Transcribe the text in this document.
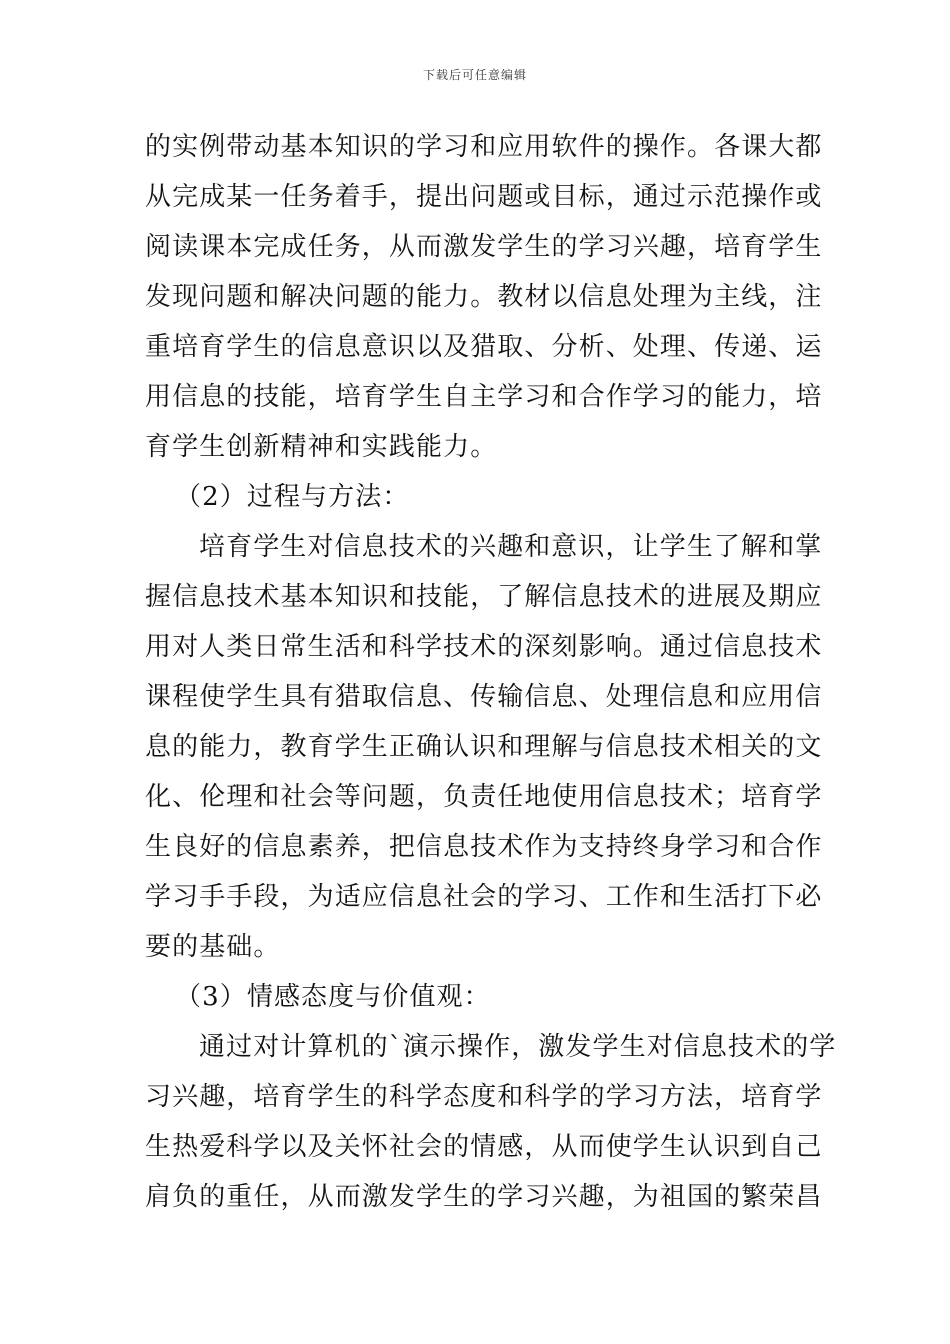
下载后可任意编辑
的实例带动基本知识的学习和应用软件的操作。各课大都
从完成某一任务着手，提出问题或目标，通过示范操作或
阅读课本完成任务，从而激发学生的学习兴趣，培育学生
发现问题和解决问题的能力。教材以信息处理为主线，注
重培育学生的信息意识以及猎取、分析、处理、传递、运
用信息的技能，培育学生自主学习和合作学习的能力，培
育学生创新精神和实践能力。
（2）过程与方法：
培育学生对信息技术的兴趣和意识，让学生了解和掌
握信息技术基本知识和技能，了解信息技术的进展及期应
用对人类日常生活和科学技术的深刻影响。通过信息技术
课程使学生具有猎取信息、传输信息、处理信息和应用信
息的能力，教育学生正确认识和理解与信息技术相关的文
化、伦理和社会等问题，负责任地使用信息技术；培育学
生良好的信息素养，把信息技术作为支持终身学习和合作
学习手手段，为适应信息社会的学习、工作和生活打下必
要的基础。
（3）情感态度与价值观：
通过对计算机的`演示操作，激发学生对信息技术的学
习兴趣，培育学生的科学态度和科学的学习方法，培育学
生热爱科学以及关怀社会的情感，从而使学生认识到自己
肩负的重任，从而激发学生的学习兴趣，为祖国的繁荣昌
